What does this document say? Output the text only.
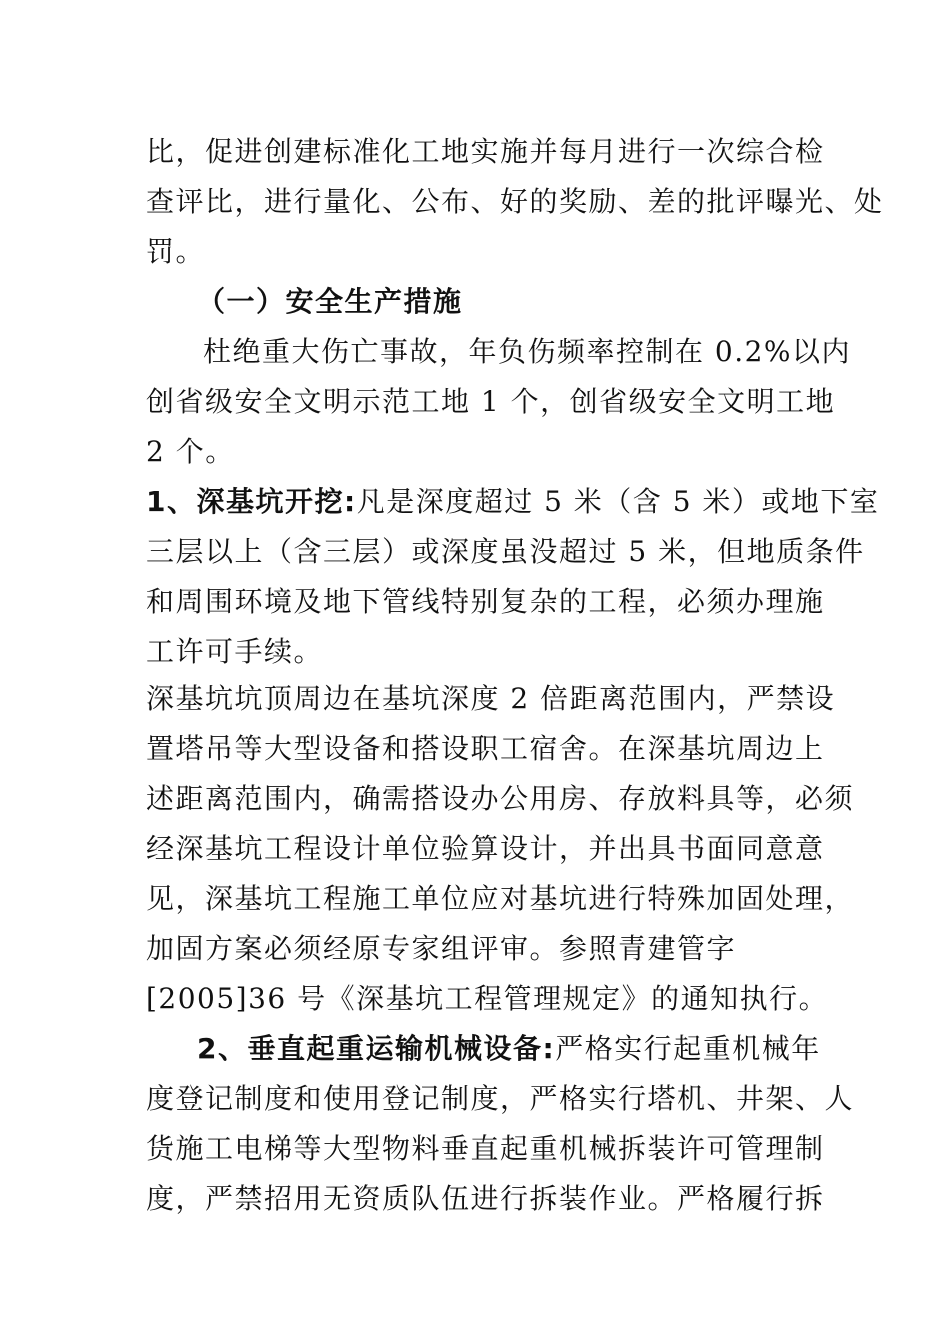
比，促进创建标准化工地实施并每月进行一次综合检
查评比，进行量化、公布、好的奖励、差的批评曝光、处
罚。
（一）安全生产措施
杜绝重大伤亡事故，年负伤频率控制在 0.2%以内
创省级安全文明示范工地 1 个，创省级安全文明工地
2 个。
1、深基坑开挖:凡是深度超过 5 米（含 5 米）或地下室
三层以上（含三层）或深度虽没超过 5 米，但地质条件
和周围环境及地下管线特别复杂的工程，必须办理施
工许可手续。
深基坑坑顶周边在基坑深度 2 倍距离范围内，严禁设
置塔吊等大型设备和搭设职工宿舍。在深基坑周边上
述距离范围内，确需搭设办公用房、存放料具等，必须
经深基坑工程设计单位验算设计，并出具书面同意意
见，深基坑工程施工单位应对基坑进行特殊加固处理，
加固方案必须经原专家组评审。参照青建管字
[2005]36 号《深基坑工程管理规定》的通知执行。
2、垂直起重运输机械设备:严格实行起重机械年
度登记制度和使用登记制度，严格实行塔机、井架、人
货施工电梯等大型物料垂直起重机械拆装许可管理制
度，严禁招用无资质队伍进行拆装作业。严格履行拆
